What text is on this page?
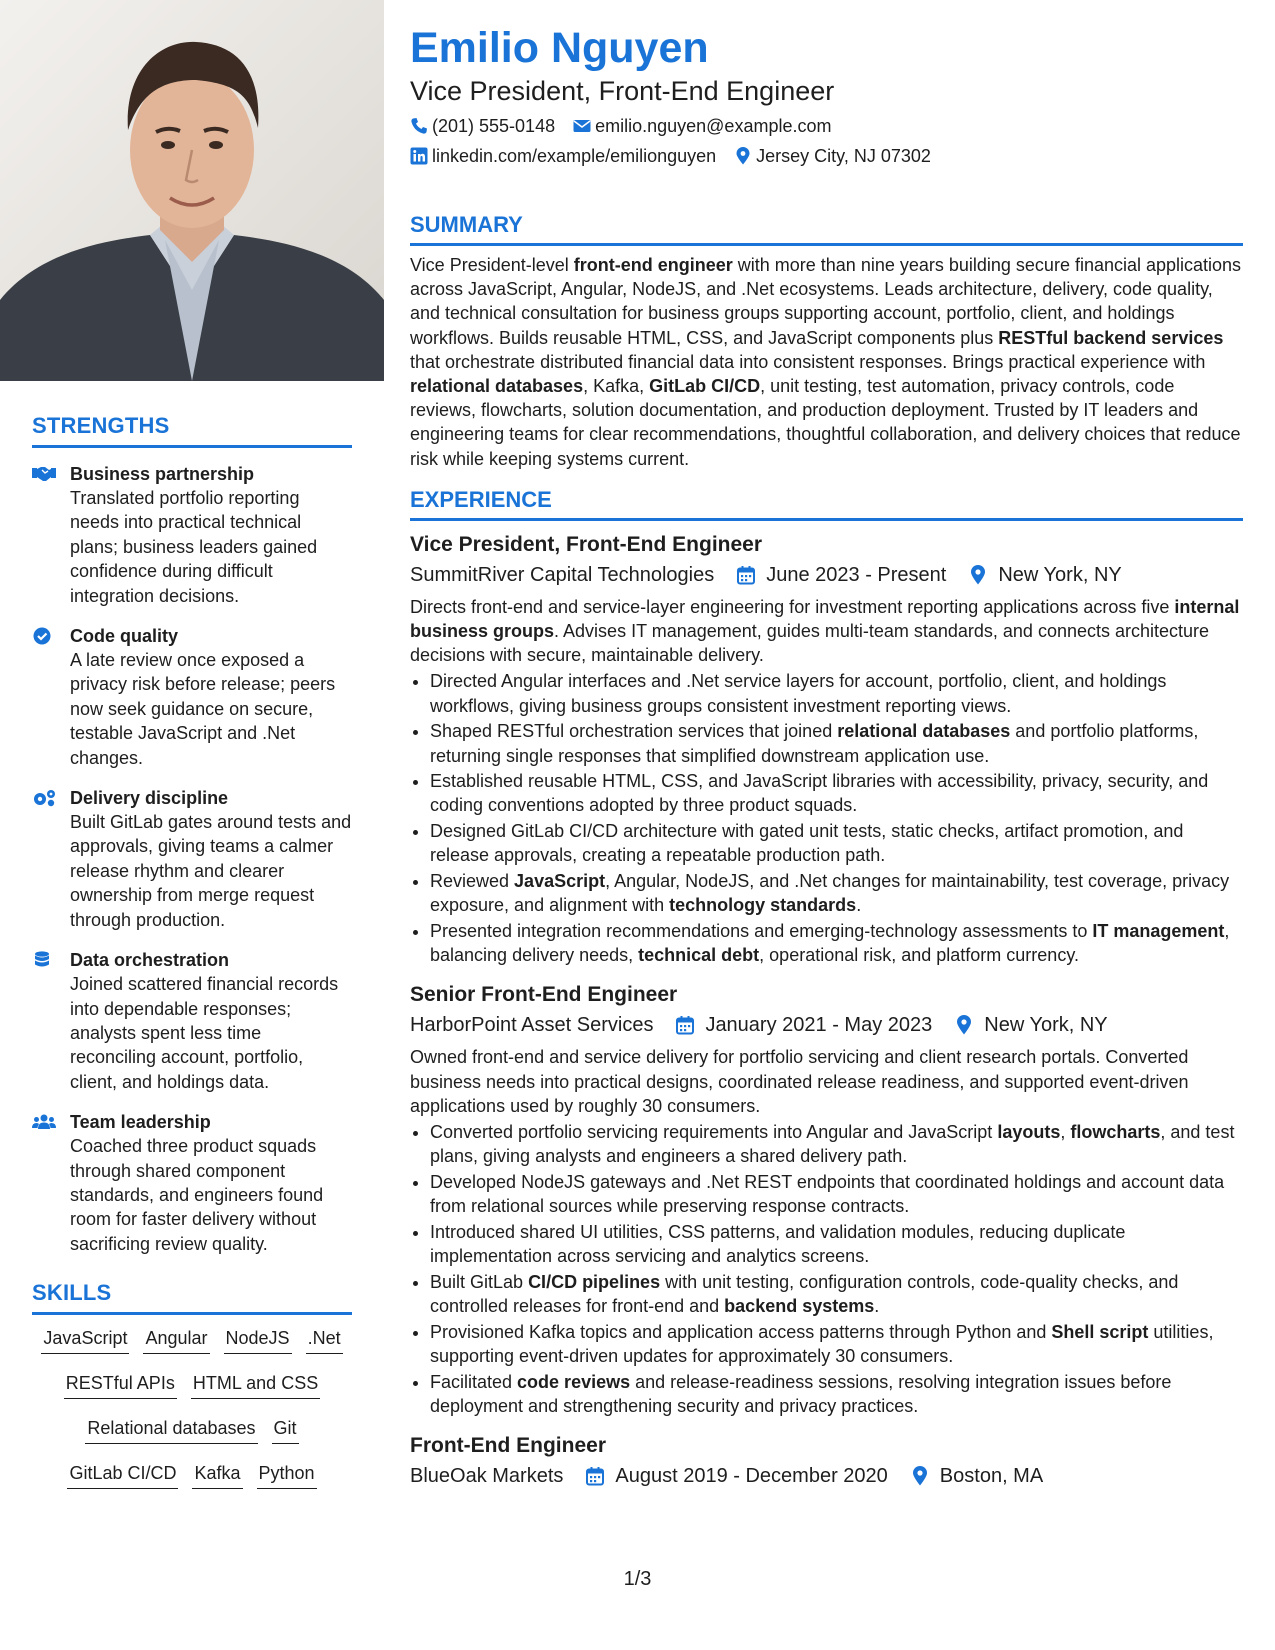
STRENGTHS
Business partnership
Translated portfolio reporting needs into practical technical plans; business leaders gained confidence during difficult integration decisions.
Code quality
A late review once exposed a privacy risk before release; peers now seek guidance on secure, testable JavaScript and .Net changes.
Delivery discipline
Built GitLab gates around tests and approvals, giving teams a calmer release rhythm and clearer ownership from merge request through production.
Data orchestration
Joined scattered financial records into dependable responses; analysts spent less time reconciling account, portfolio, client, and holdings data.
Team leadership
Coached three product squads through shared component standards, and engineers found room for faster delivery without sacrificing review quality.
SKILLS
JavaScript Angular NodeJS .Net
RESTful APIs HTML and CSS
Relational databases Git
GitLab CI/CD Kafka Python
Emilio Nguyen
Vice President, Front-End Engineer
(201) 555-0148 emilio.nguyen@example.com
linkedin.com/example/emilionguyen Jersey City, NJ 07302
SUMMARY
Vice President-level front-end engineer with more than nine years building secure financial applications across JavaScript, Angular, NodeJS, and .Net ecosystems. Leads architecture, delivery, code quality, and technical consultation for business groups supporting account, portfolio, client, and holdings workflows. Builds reusable HTML, CSS, and JavaScript components plus RESTful backend services that orchestrate distributed financial data into consistent responses. Brings practical experience with relational databases, Kafka, GitLab CI/CD, unit testing, test automation, privacy controls, code reviews, flowcharts, solution documentation, and production deployment. Trusted by IT leaders and engineering teams for clear recommendations, thoughtful collaboration, and delivery choices that reduce risk while keeping systems current.
EXPERIENCE
Vice President, Front-End Engineer
SummitRiver Capital Technologies	June 2023 - Present	New York, NY
Directs front-end and service-layer engineering for investment reporting applications across five internal business groups. Advises IT management, guides multi-team standards, and connects architecture decisions with secure, maintainable delivery.
• Directed Angular interfaces and .Net service layers for account, portfolio, client, and holdings workflows, giving business groups consistent investment reporting views.
• Shaped RESTful orchestration services that joined relational databases and portfolio platforms, returning single responses that simplified downstream application use.
• Established reusable HTML, CSS, and JavaScript libraries with accessibility, privacy, security, and coding conventions adopted by three product squads.
• Designed GitLab CI/CD architecture with gated unit tests, static checks, artifact promotion, and release approvals, creating a repeatable production path.
• Reviewed JavaScript, Angular, NodeJS, and .Net changes for maintainability, test coverage, privacy exposure, and alignment with technology standards.
• Presented integration recommendations and emerging-technology assessments to IT management, balancing delivery needs, technical debt, operational risk, and platform currency.
Senior Front-End Engineer
HarborPoint Asset Services	January 2021 - May 2023	New York, NY
Owned front-end and service delivery for portfolio servicing and client research portals. Converted business needs into practical designs, coordinated release readiness, and supported event-driven applications used by roughly 30 consumers.
• Converted portfolio servicing requirements into Angular and JavaScript layouts, flowcharts, and test plans, giving analysts and engineers a shared delivery path.
• Developed NodeJS gateways and .Net REST endpoints that coordinated holdings and account data from relational sources while preserving response contracts.
• Introduced shared UI utilities, CSS patterns, and validation modules, reducing duplicate implementation across servicing and analytics screens.
• Built GitLab CI/CD pipelines with unit testing, configuration controls, code-quality checks, and controlled releases for front-end and backend systems.
• Provisioned Kafka topics and application access patterns through Python and Shell script utilities, supporting event-driven updates for approximately 30 consumers.
• Facilitated code reviews and release-readiness sessions, resolving integration issues before deployment and strengthening security and privacy practices.
Front-End Engineer
BlueOak Markets	August 2019 - December 2020	Boston, MA
1/3
